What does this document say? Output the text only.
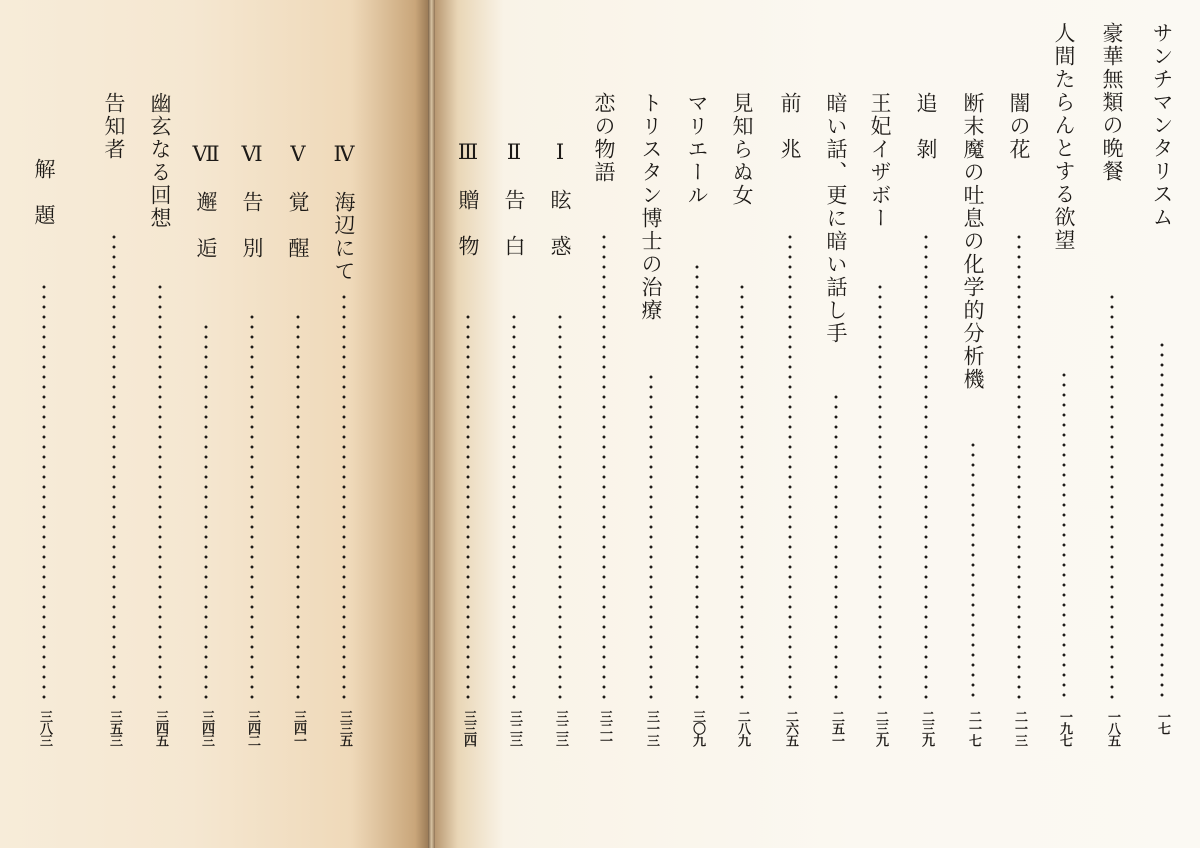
Ⅳ　海辺にて
三三五
Ⅴ　覚　醒
三四一
Ⅵ　告　別
三四二
Ⅶ　邂　逅
三四三
幽玄なる回想
三四五
告知者
三五三
解　題
三八三
サンチマンタリスム
一七
豪華無類の晩餐
一八五
人間たらんとする欲望
一九七
闇の花
二一三
断末魔の吐息の化学的分析機
二一七
追　剝
二三九
王妃イザボー
二三九
暗い話、更に暗い話し手
二五一
前　兆
二六五
見知らぬ女
二八九
マリエール
三〇九
トリスタン博士の治療
三一三
恋の物語
三二一
Ⅰ　眩　惑
三二三
Ⅱ　告　白
三二三
Ⅲ　贈　物
三三四
